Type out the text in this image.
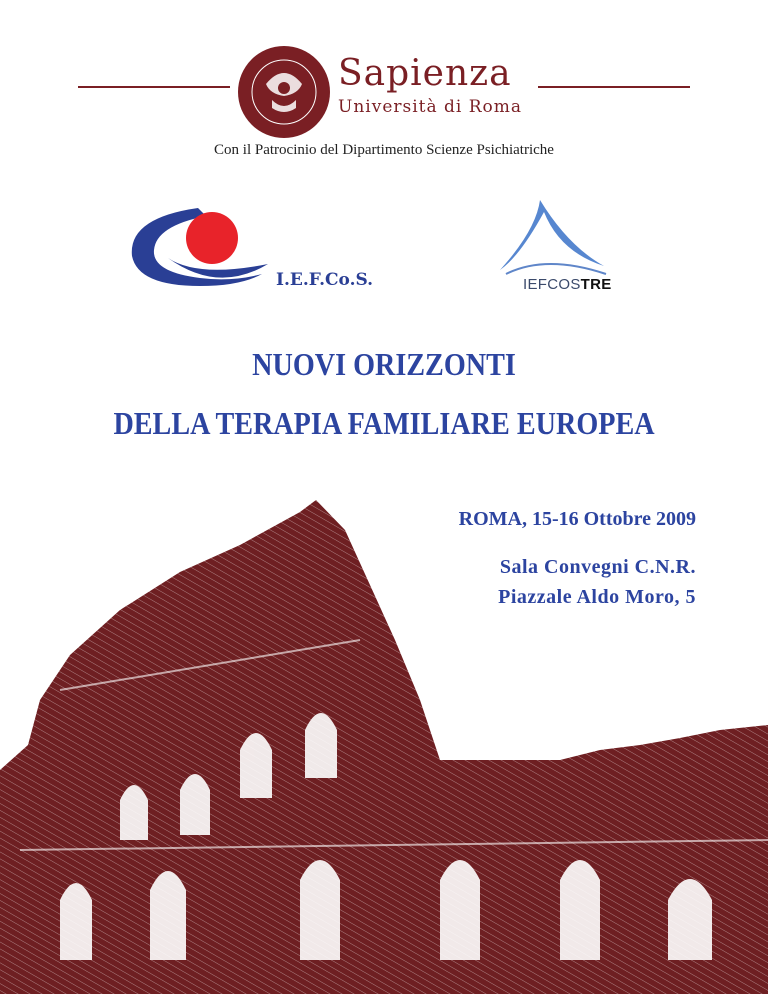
Sapienza
Università di Roma
Con il Patrocinio del Dipartimento Scienze Psichiatriche
I.E.F.Co.S.	IEFCOSTRE
NUOVI ORIZZONTI
DELLA TERAPIA FAMILIARE EUROPEA
ROMA, 15-16 Ottobre 2009
Sala Convegni C.N.R.
Piazzale Aldo Moro, 5
